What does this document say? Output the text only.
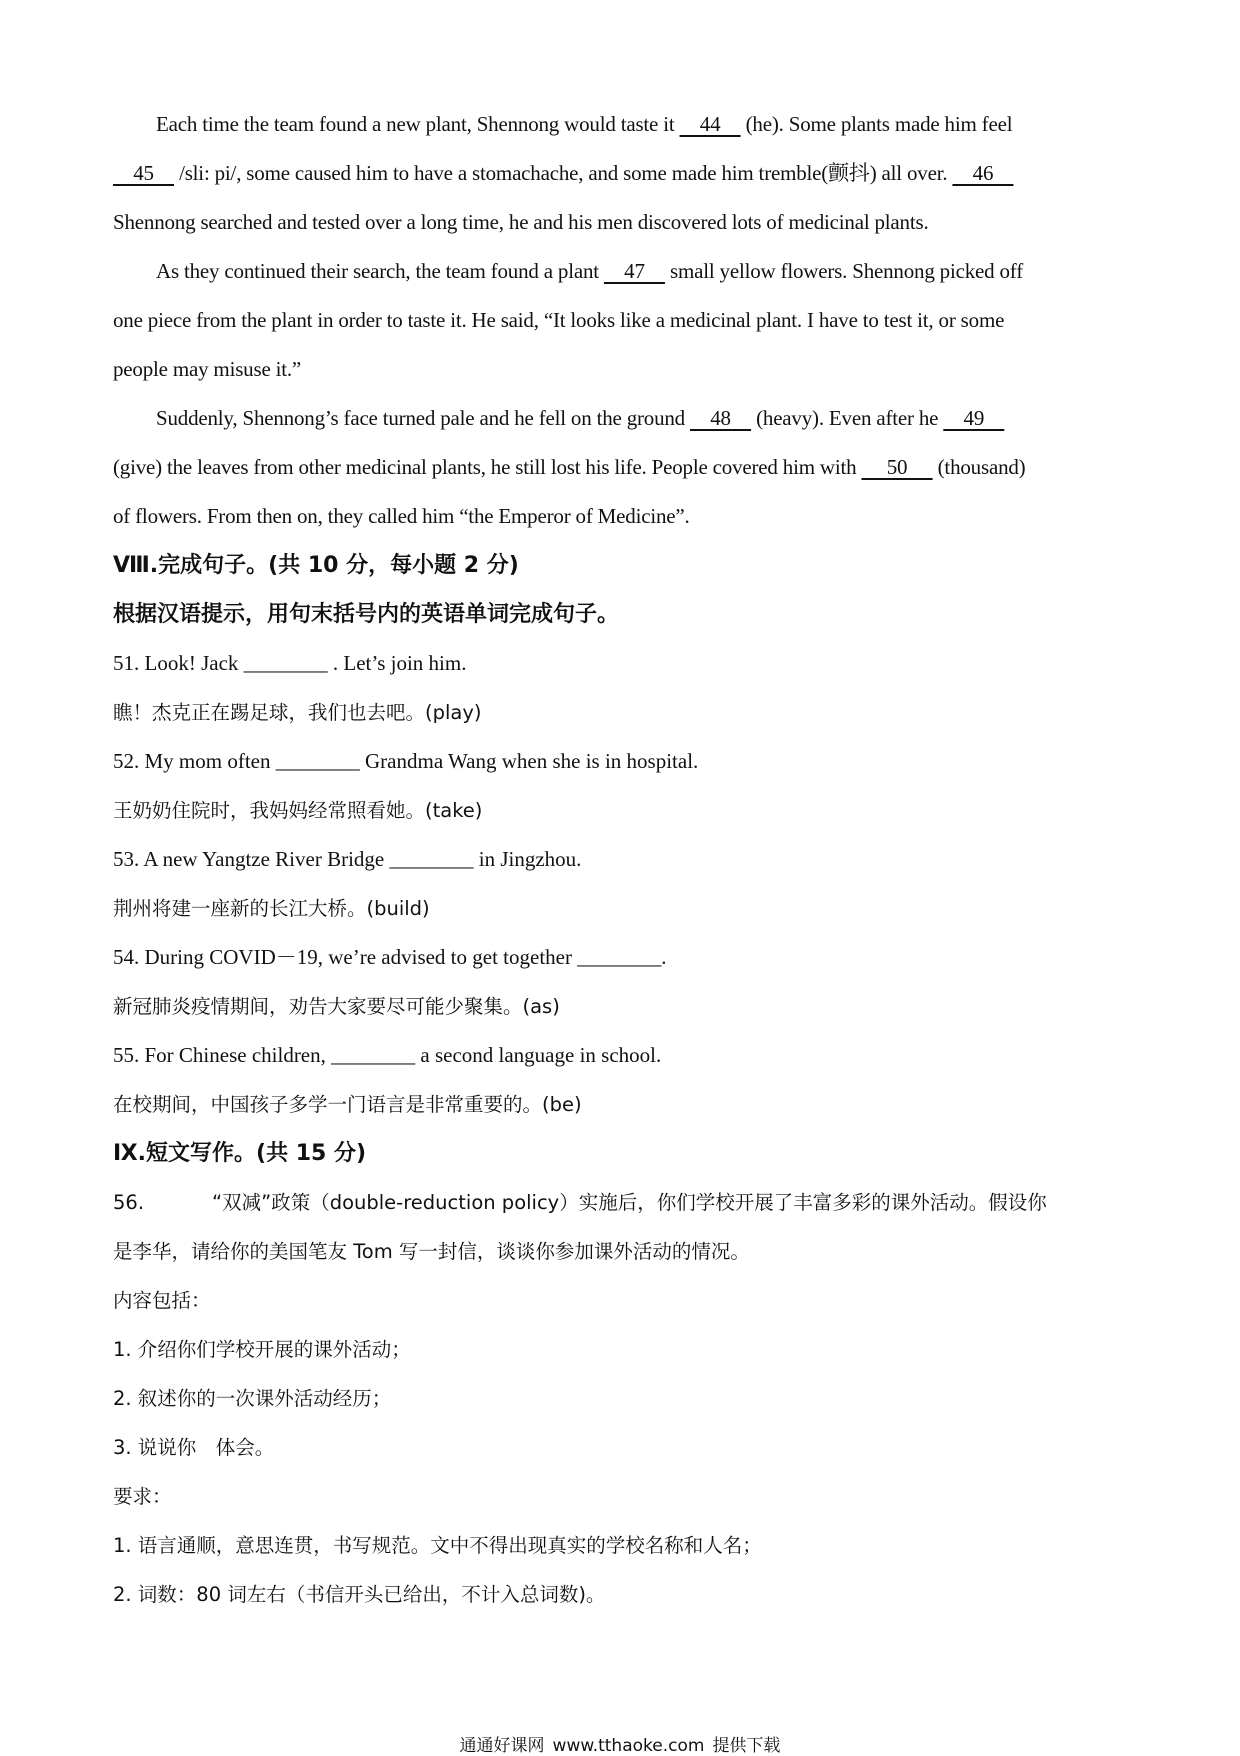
Each time the team found a new plant, Shennong would taste it     44     (he). Some plants made him feel

45     /sli: pi/, some caused him to have a stomachache, and some made him tremble(颤抖) all over.     46

Shennong searched and tested over a long time, he and his men discovered lots of medicinal plants.

As they continued their search, the team found a plant     47     small yellow flowers. Shennong picked off

one piece from the plant in order to taste it. He said, “It looks like a medicinal plant. I have to test it, or some

people may misuse it.”

Suddenly, Shennong’s face turned pale and he fell on the ground     48     (heavy). Even after he     49

(give) the leaves from other medicinal plants, he still lost his life. People covered him with      50      (thousand)

of flowers. From then on, they called him “the Emperor of Medicine”.

Ⅷ.完成句子。(共 10 分，每小题 2 分)

根据汉语提示，用句末括号内的英语单词完成句子。

51. Look! Jack ________ . Let’s join him.

瞧！杰克正在踢足球，我们也去吧。(play)

52. My mom often ________ Grandma Wang when she is in hospital.

王奶奶住院时，我妈妈经常照看她。(take)

53. A new Yangtze River Bridge ________ in Jingzhou.

荆州将建一座新的长江大桥。(build)

54. During COVID－19, we’re advised to get together ________.

新冠肺炎疫情期间，劝告大家要尽可能少聚集。(as)

55. For Chinese children, ________ a second language in school.

在校期间，中国孩子多学一门语言是非常重要的。(be)

Ⅸ.短文写作。(共 15 分)

56.	“双减”政策（double-reduction policy）实施后，你们学校开展了丰富多彩的课外活动。假设你

是李华，请给你的美国笔友 Tom 写一封信，谈谈你参加课外活动的情况。

内容包括：

1. 介绍你们学校开展的课外活动；

2. 叙述你的一次课外活动经历；

3. 说说你　体会。

要求：

1. 语言通顺，意思连贯，书写规范。文中不得出现真实的学校名称和人名；

2. 词数：80 词左右（书信开头已给出，不计入总词数)。

通通好课网 www.tthaoke.com 提供下载
